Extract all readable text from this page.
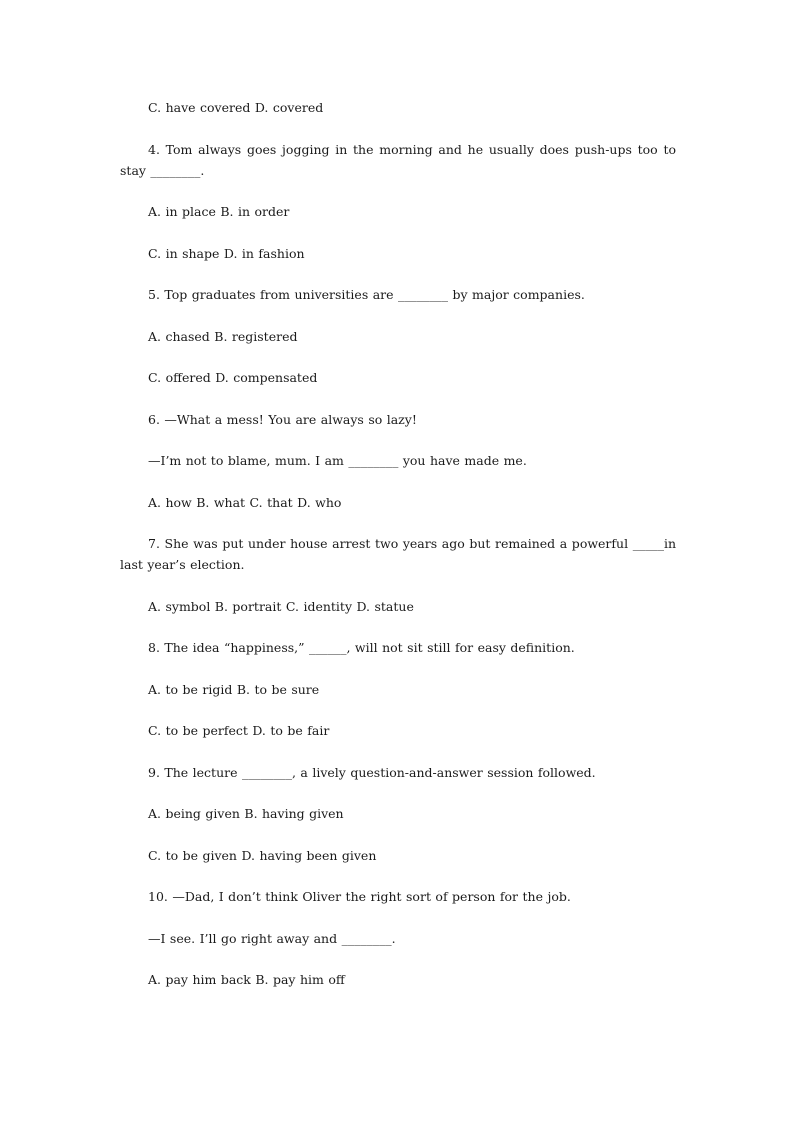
C. have covered D. covered

4. Tom always goes jogging in the morning and he usually does push-ups too to stay ________.

A. in place B. in order

C. in shape D. in fashion

5. Top graduates from universities are ________ by major companies.

A. chased B. registered

C. offered D. compensated

6. —What a mess! You are always so lazy!

—I’m not to blame, mum. I am ________ you have made me.

A. how B. what C. that D. who

7. She was put under house arrest two years ago but remained a powerful _____in last year’s election.

A. symbol B. portrait C. identity D. statue

8. The idea “happiness,” ______, will not sit still for easy definition.

A. to be rigid B. to be sure

C. to be perfect D. to be fair

9. The lecture ________, a lively question-and-answer session followed.

A. being given B. having given

C. to be given D. having been given

10. —Dad, I don’t think Oliver the right sort of person for the job.

—I see. I’ll go right away and ________.

A. pay him back B. pay him off
